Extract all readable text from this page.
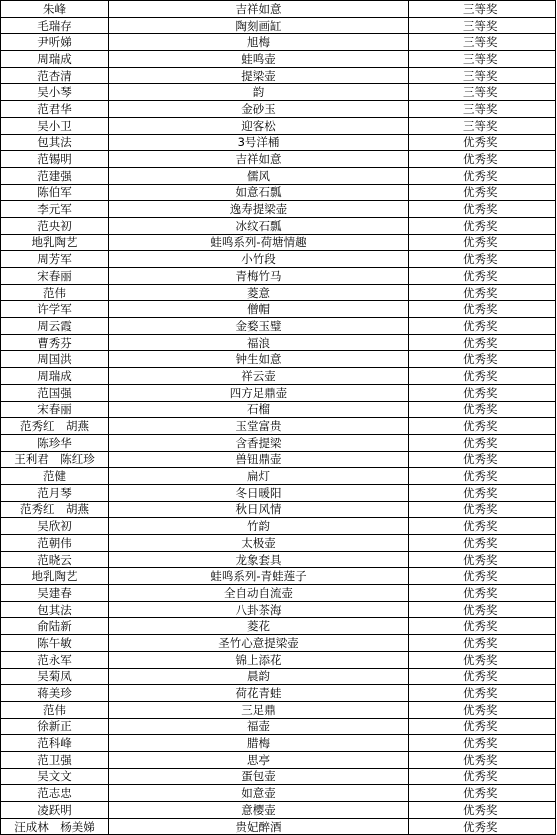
朱峰	吉祥如意	三等奖
毛瑞存	陶刻画缸	三等奖
尹听娣	旭梅	三等奖
周瑞成	蛙鸣壶	三等奖
范杏清	提梁壶	三等奖
吴小琴	韵	三等奖
范君华	金砂玉	三等奖
吴小卫	迎客松	三等奖
包其法	3号洋桶	优秀奖
范锡明	吉祥如意	优秀奖
范建强	儒风	优秀奖
陈伯军	如意石瓢	优秀奖
李元军	逸寿提梁壶	优秀奖
范央初	冰纹石瓢	优秀奖
地乳陶艺	蛙鸣系列-荷塘情趣	优秀奖
周芳军	小竹段	优秀奖
宋春丽	青梅竹马	优秀奖
范伟	菱意	优秀奖
许学军	僧帽	优秀奖
周云霞	金婺玉璧	优秀奖
曹秀芬	福浪	优秀奖
周国洪	钟生如意	优秀奖
周瑞成	祥云壶	优秀奖
范国强	四方足鼎壶	优秀奖
宋春丽	石榴	优秀奖
范秀红　胡燕	玉堂富贵	优秀奖
陈珍华	含香提梁	优秀奖
王利君　陈红珍	兽钮鼎壶	优秀奖
范健	扁灯	优秀奖
范月琴	冬日暖阳	优秀奖
范秀红　胡燕	秋日风情	优秀奖
吴欣初	竹韵	优秀奖
范朝伟	太极壶	优秀奖
范晓云	龙象套具	优秀奖
地乳陶艺	蛙鸣系列-青蛙莲子	优秀奖
吴建春	全自动自流壶	优秀奖
包其法	八卦茶海	优秀奖
俞陆新	菱花	优秀奖
陈午敏	圣竹心意提梁壶	优秀奖
范永军	锦上添花	优秀奖
吴菊凤	晨韵	优秀奖
蒋美珍	荷花青蛙	优秀奖
范伟	三足鼎	优秀奖
徐新正	福壶	优秀奖
范科峰	腊梅	优秀奖
范卫强	思亭	优秀奖
吴文文	蛋包壶	优秀奖
范志忠	如意壶	优秀奖
凌跃明	意樱壶	优秀奖
汪成林　杨美娣	贵妃醉酒	优秀奖
